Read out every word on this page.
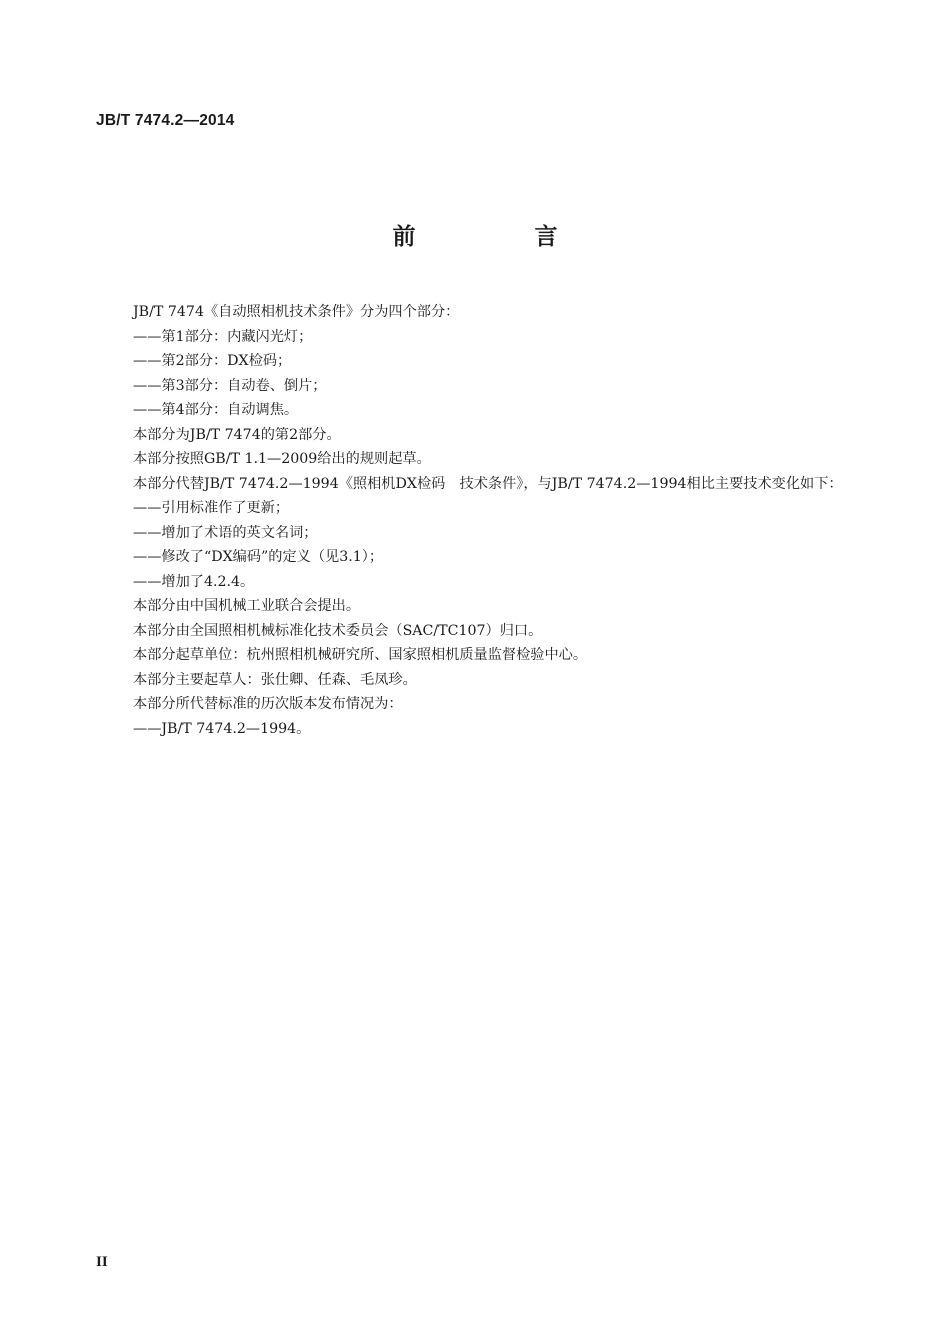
JB/T 7474.2—2014

前　言

JB/T 7474《自动照相机技术条件》分为四个部分：

——第1部分：内藏闪光灯；

——第2部分：DX检码；

——第3部分：自动卷、倒片；

——第4部分：自动调焦。

本部分为JB/T 7474的第2部分。

本部分按照GB/T 1.1—2009给出的规则起草。

本部分代替JB/T 7474.2—1994《照相机DX检码　技术条件》，与JB/T 7474.2—1994相比主要技术变化如下：

——引用标准作了更新；

——增加了术语的英文名词；

——修改了“DX编码”的定义（见3.1）；

——增加了4.2.4。

本部分由中国机械工业联合会提出。

本部分由全国照相机械标准化技术委员会（SAC/TC107）归口。

本部分起草单位：杭州照相机械研究所、国家照相机质量监督检验中心。

本部分主要起草人：张仕卿、任森、毛凤珍。

本部分所代替标准的历次版本发布情况为：

——JB/T 7474.2—1994。

II
